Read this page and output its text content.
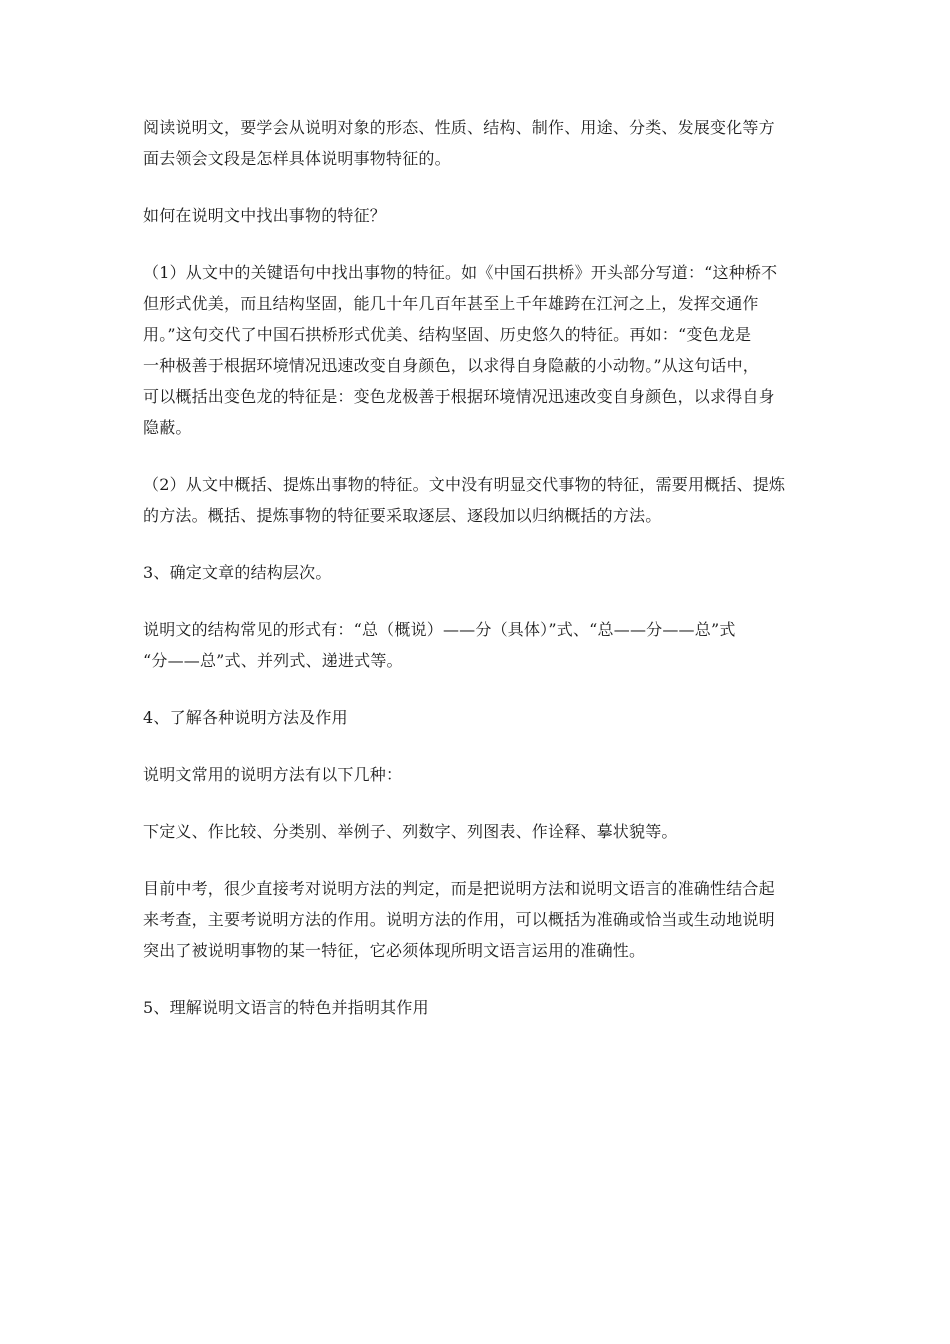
阅读说明文，要学会从说明对象的形态、性质、结构、制作、用途、分类、发展变化等方
面去领会文段是怎样具体说明事物特征的。

如何在说明文中找出事物的特征？

（1）从文中的关键语句中找出事物的特征。如《中国石拱桥》开头部分写道：“这种桥不
但形式优美，而且结构坚固，能几十年几百年甚至上千年雄跨在江河之上，发挥交通作
用。”这句交代了中国石拱桥形式优美、结构坚固、历史悠久的特征。再如：“变色龙是
一种极善于根据环境情况迅速改变自身颜色，以求得自身隐蔽的小动物。”从这句话中，
可以概括出变色龙的特征是：变色龙极善于根据环境情况迅速改变自身颜色，以求得自身
隐蔽。

（2）从文中概括、提炼出事物的特征。文中没有明显交代事物的特征，需要用概括、提炼
的方法。概括、提炼事物的特征要采取逐层、逐段加以归纳概括的方法。

3、确定文章的结构层次。

说明文的结构常见的形式有：“总（概说）——分（具体）”式、“总——分——总”式
“分——总”式、并列式、递进式等。

4、了解各种说明方法及作用

说明文常用的说明方法有以下几种：

下定义、作比较、分类别、举例子、列数字、列图表、作诠释、摹状貌等。

目前中考，很少直接考对说明方法的判定，而是把说明方法和说明文语言的准确性结合起
来考查，主要考说明方法的作用。说明方法的作用，可以概括为准确或恰当或生动地说明
突出了被说明事物的某一特征，它必须体现所明文语言运用的准确性。

5、理解说明文语言的特色并指明其作用
